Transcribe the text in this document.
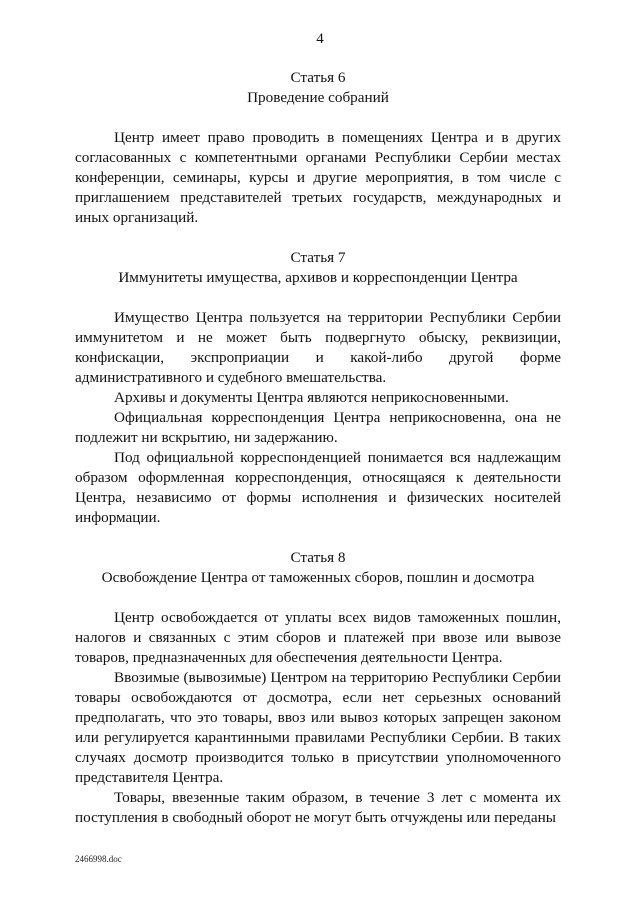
4

Статья 6

Проведение собраний

Центр имеет право проводить в помещениях Центра и в других согласованных с компетентными органами Республики Сербии местах конференции, семинары, курсы и другие мероприятия, в том числе с приглашением представителей третьих государств, международных и иных организаций.

Статья 7

Иммунитеты имущества, архивов и корреспонденции Центра

Имущество Центра пользуется на территории Республики Сербии иммунитетом и не может быть подвергнуто обыску, реквизиции, конфискации, экспроприации и какой-либо другой форме административного и судебного вмешательства.

Архивы и документы Центра являются неприкосновенными.

Официальная корреспонденция Центра неприкосновенна, она не подлежит ни вскрытию, ни задержанию.

Под официальной корреспонденцией понимается вся надлежащим образом оформленная корреспонденция, относящаяся к деятельности Центра, независимо от формы исполнения и физических носителей информации.

Статья 8

Освобождение Центра от таможенных сборов, пошлин и досмотра

Центр освобождается от уплаты всех видов таможенных пошлин, налогов и связанных с этим сборов и платежей при ввозе или вывозе товаров, предназначенных для обеспечения деятельности Центра.

Ввозимые (вывозимые) Центром на территорию Республики Сербии товары освобождаются от досмотра, если нет серьезных оснований предполагать, что это товары, ввоз или вывоз которых запрещен законом или регулируется карантинными правилами Республики Сербии. В таких случаях досмотр производится только в присутствии уполномоченного представителя Центра.

Товары, ввезенные таким образом, в течение 3 лет с момента их поступления в свободный оборот не могут быть отчуждены или переданы

2466998.doc
